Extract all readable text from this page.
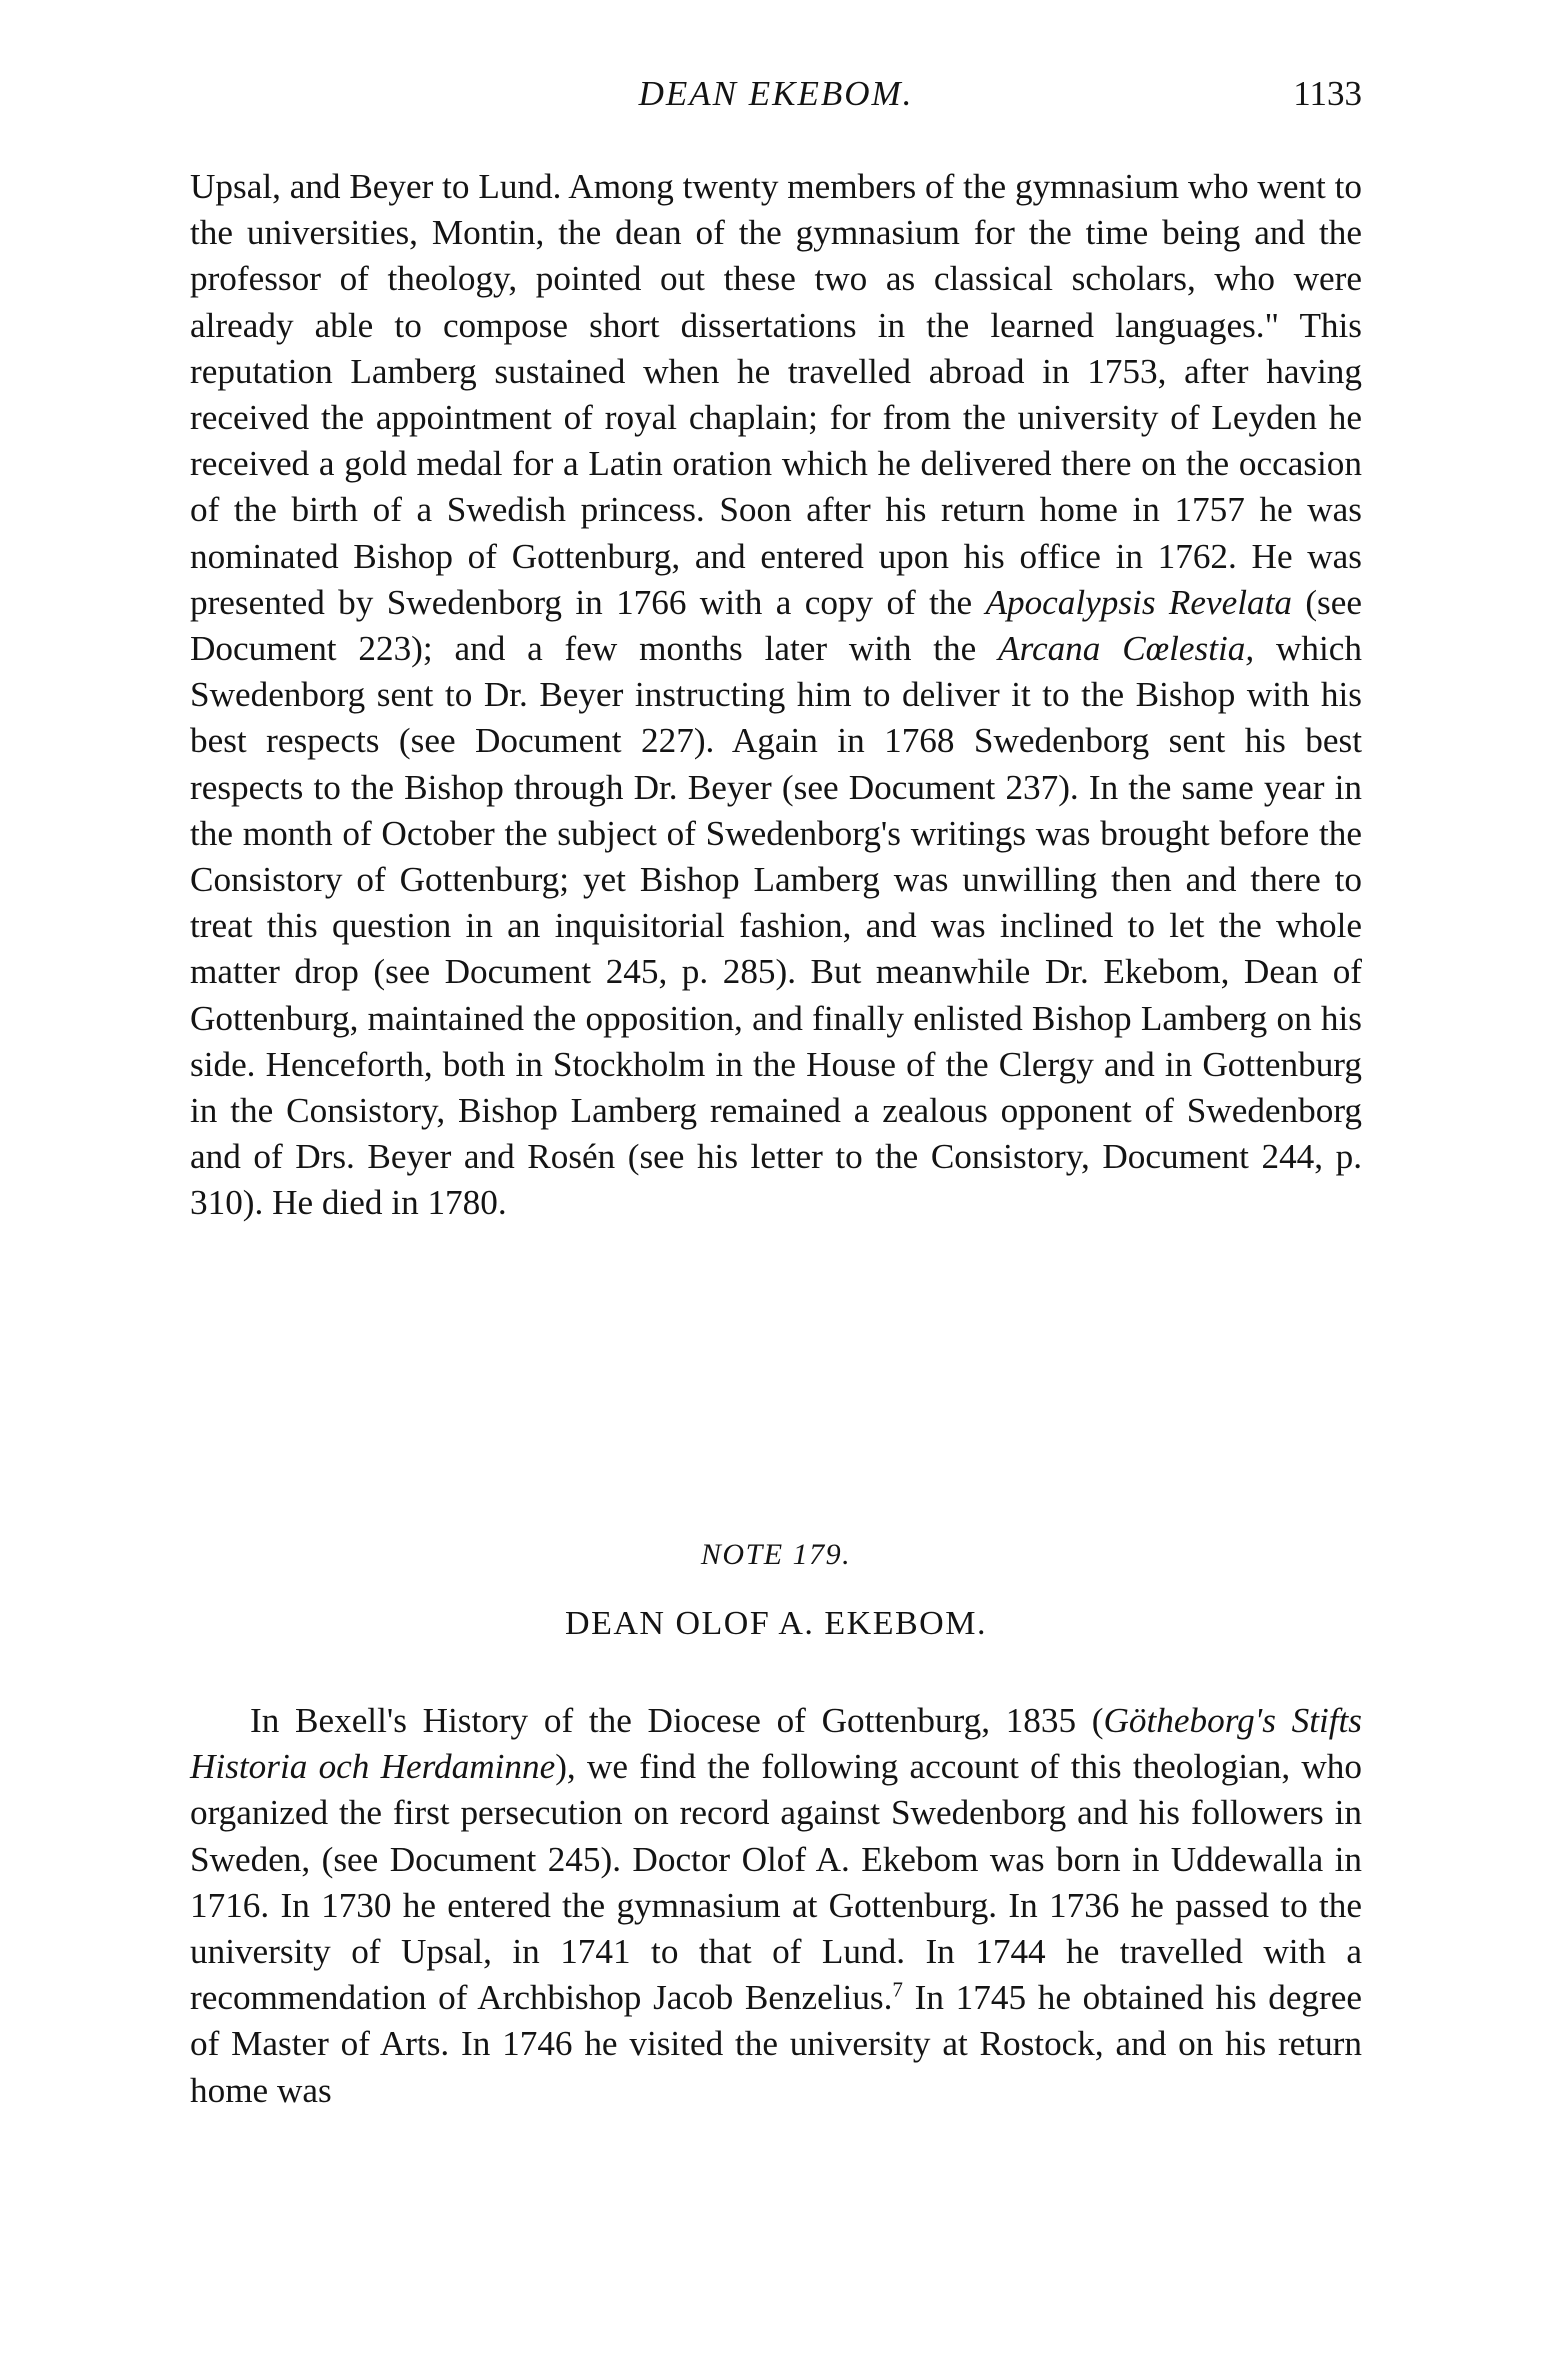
DEAN EKEBOM.	1133

Upsal, and Beyer to Lund. Among twenty members of the gymnasium who went to the universities, Montin, the dean of the gymnasium for the time being and the professor of theology, pointed out these two as classical scholars, who were already able to compose short dissertations in the learned languages." This reputation Lamberg sustained when he travelled abroad in 1753, after having received the appointment of royal chaplain; for from the university of Leyden he received a gold medal for a Latin oration which he delivered there on the occasion of the birth of a Swedish princess. Soon after his return home in 1757 he was nominated Bishop of Gottenburg, and entered upon his office in 1762. He was presented by Swedenborg in 1766 with a copy of the Apocalypsis Revelata (see Document 223); and a few months later with the Arcana Cœlestia, which Swedenborg sent to Dr. Beyer instructing him to deliver it to the Bishop with his best respects (see Document 227). Again in 1768 Swedenborg sent his best respects to the Bishop through Dr. Beyer (see Document 237). In the same year in the month of October the subject of Swedenborg's writings was brought before the Consistory of Gottenburg; yet Bishop Lamberg was unwilling then and there to treat this question in an inquisitorial fashion, and was inclined to let the whole matter drop (see Document 245, p. 285). But meanwhile Dr. Ekebom, Dean of Gottenburg, maintained the opposition, and finally enlisted Bishop Lamberg on his side. Henceforth, both in Stockholm in the House of the Clergy and in Gottenburg in the Consistory, Bishop Lamberg remained a zealous opponent of Swedenborg and of Drs. Beyer and Rosén (see his letter to the Consistory, Document 244, p. 310). He died in 1780.

NOTE 179.
DEAN OLOF A. EKEBOM.

In Bexell's History of the Diocese of Gottenburg, 1835 (Götheborg's Stifts Historia och Herdaminne), we find the following account of this theologian, who organized the first persecution on record against Swedenborg and his followers in Sweden, (see Document 245). Doctor Olof A. Ekebom was born in Uddewalla in 1716. In 1730 he entered the gymnasium at Gottenburg. In 1736 he passed to the university of Upsal, in 1741 to that of Lund. In 1744 he travelled with a recommendation of Archbishop Jacob Benzelius.$^7$ In 1745 he obtained his degree of Master of Arts. In 1746 he visited the university at Rostock, and on his return home was
